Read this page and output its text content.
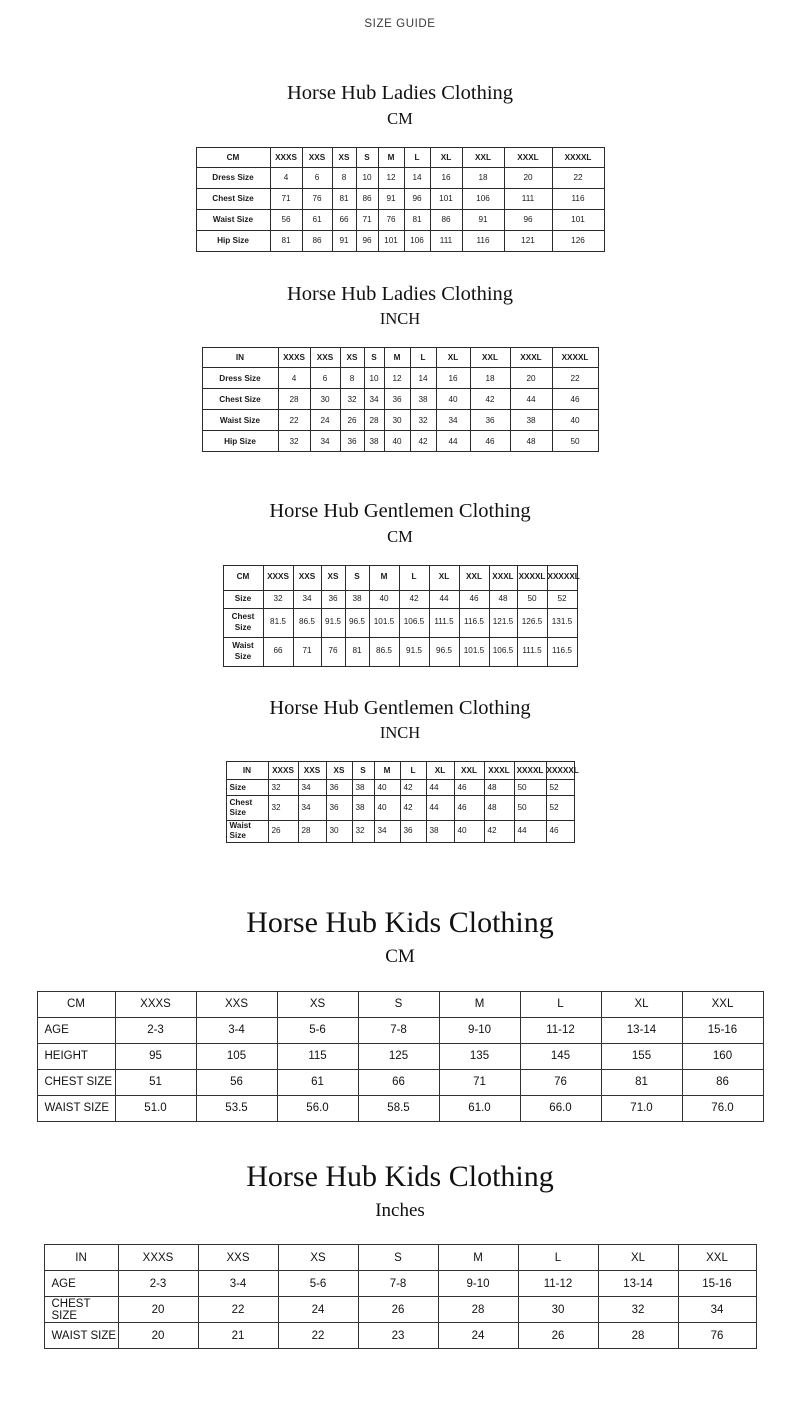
SIZE GUIDE
Horse Hub Ladies Clothing
CM
CM	XXXS	XXS	XS	S	M	L	XL	XXL	XXXL	XXXXL
Dress Size	4	6	8	10	12	14	16	18	20	22
Chest Size	71	76	81	86	91	96	101	106	111	116
Waist Size	56	61	66	71	76	81	86	91	96	101
Hip Size	81	86	91	96	101	106	111	116	121	126
Horse Hub Ladies Clothing
INCH
IN	XXXS	XXS	XS	S	M	L	XL	XXL	XXXL	XXXXL
Dress Size	4	6	8	10	12	14	16	18	20	22
Chest Size	28	30	32	34	36	38	40	42	44	46
Waist Size	22	24	26	28	30	32	34	36	38	40
Hip Size	32	34	36	38	40	42	44	46	48	50
Horse Hub Gentlemen Clothing
CM
CM	XXXS	XXS	XS	S	M	L	XL	XXL	XXXL	XXXXL	XXXXXL
Size	32	34	36	38	40	42	44	46	48	50	52
Chest Size	81.5	86.5	91.5	96.5	101.5	106.5	111.5	116.5	121.5	126.5	131.5
Waist Size	66	71	76	81	86.5	91.5	96.5	101.5	106.5	111.5	116.5
Horse Hub Gentlemen Clothing
INCH
IN	XXXS	XXS	XS	S	M	L	XL	XXL	XXXL	XXXXL	XXXXXL
Size	32	34	36	38	40	42	44	46	48	50	52
Chest Size	32	34	36	38	40	42	44	46	48	50	52
Waist Size	26	28	30	32	34	36	38	40	42	44	46
Horse Hub Kids Clothing
CM
CM	XXXS	XXS	XS	S	M	L	XL	XXL
AGE	2-3	3-4	5-6	7-8	9-10	11-12	13-14	15-16
HEIGHT	95	105	115	125	135	145	155	160
CHEST SIZE	51	56	61	66	71	76	81	86
WAIST SIZE	51.0	53.5	56.0	58.5	61.0	66.0	71.0	76.0
Horse Hub Kids Clothing
Inches
IN	XXXS	XXS	XS	S	M	L	XL	XXL
AGE	2-3	3-4	5-6	7-8	9-10	11-12	13-14	15-16
CHEST SIZE	20	22	24	26	28	30	32	34
WAIST SIZE	20	21	22	23	24	26	28	76
